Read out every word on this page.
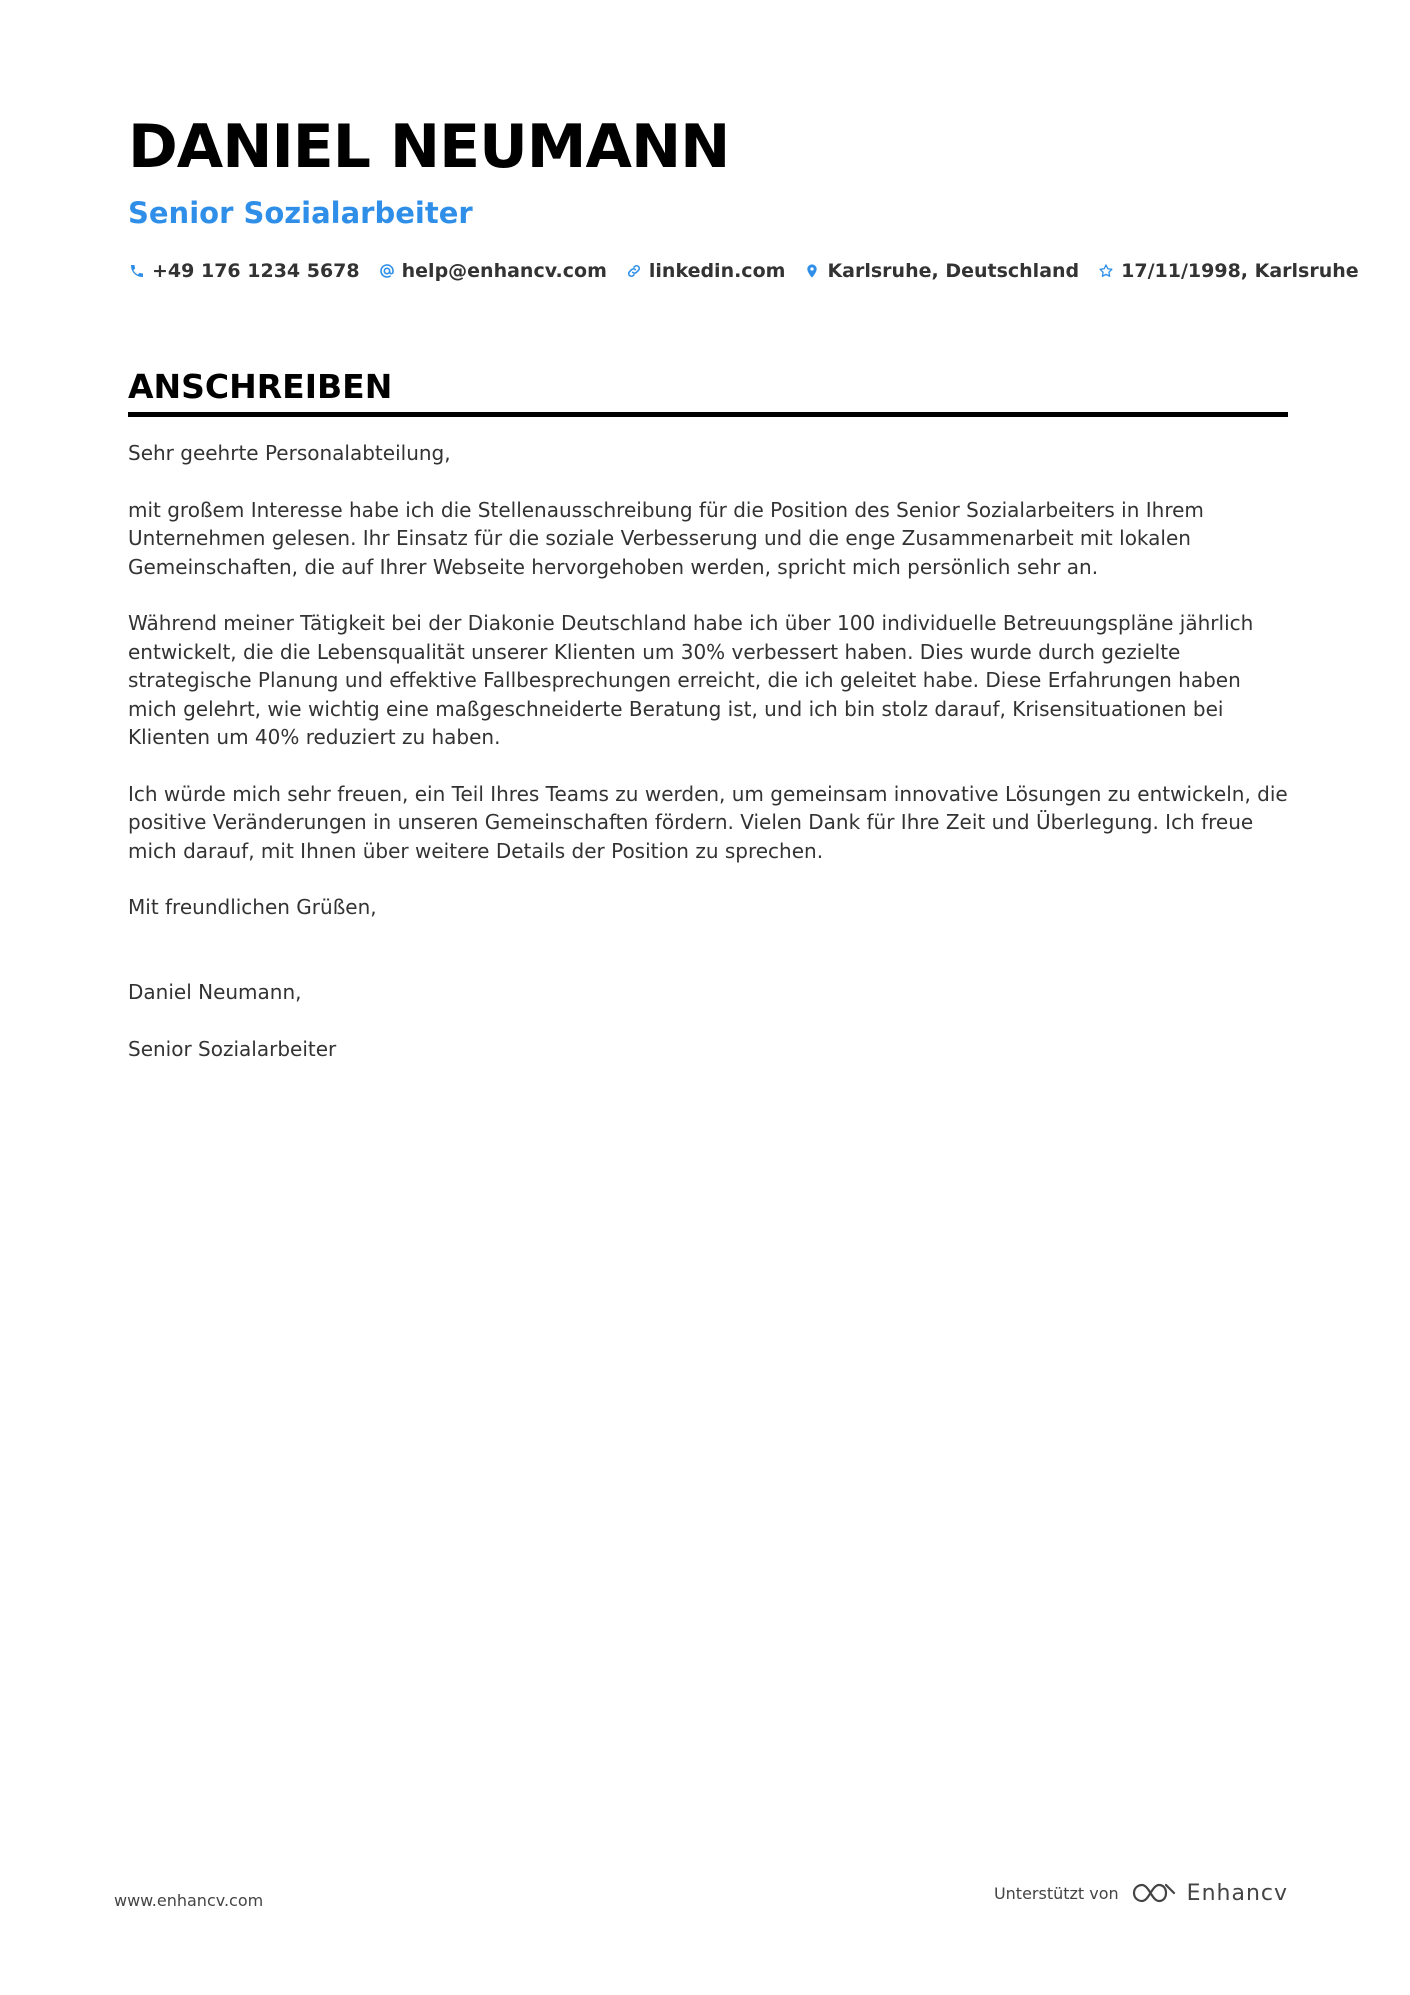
DANIEL NEUMANN
Senior Sozialarbeiter
+49 176 1234 5678 help@enhancv.com linkedin.com Karlsruhe, Deutschland 17/11/1998, Karlsruhe
ANSCHREIBEN

Sehr geehrte Personalabteilung,

mit großem Interesse habe ich die Stellenausschreibung für die Position des Senior Sozialarbeiters in Ihrem Unternehmen gelesen. Ihr Einsatz für die soziale Verbesserung und die enge Zusammenarbeit mit lokalen Gemeinschaften, die auf Ihrer Webseite hervorgehoben werden, spricht mich persönlich sehr an.

Während meiner Tätigkeit bei der Diakonie Deutschland habe ich über 100 individuelle Betreuungspläne jährlich entwickelt, die die Lebensqualität unserer Klienten um 30% verbessert haben. Dies wurde durch gezielte strategische Planung und effektive Fallbesprechungen erreicht, die ich geleitet habe. Diese Erfahrungen haben mich gelehrt, wie wichtig eine maßgeschneiderte Beratung ist, und ich bin stolz darauf, Krisensituationen bei Klienten um 40% reduziert zu haben.

Ich würde mich sehr freuen, ein Teil Ihres Teams zu werden, um gemeinsam innovative Lösungen zu entwickeln, die positive Veränderungen in unseren Gemeinschaften fördern. Vielen Dank für Ihre Zeit und Überlegung. Ich freue mich darauf, mit Ihnen über weitere Details der Position zu sprechen.

Mit freundlichen Grüßen,

Daniel Neumann,

Senior Sozialarbeiter

www.enhancv.com	Unterstützt von	Enhancv
